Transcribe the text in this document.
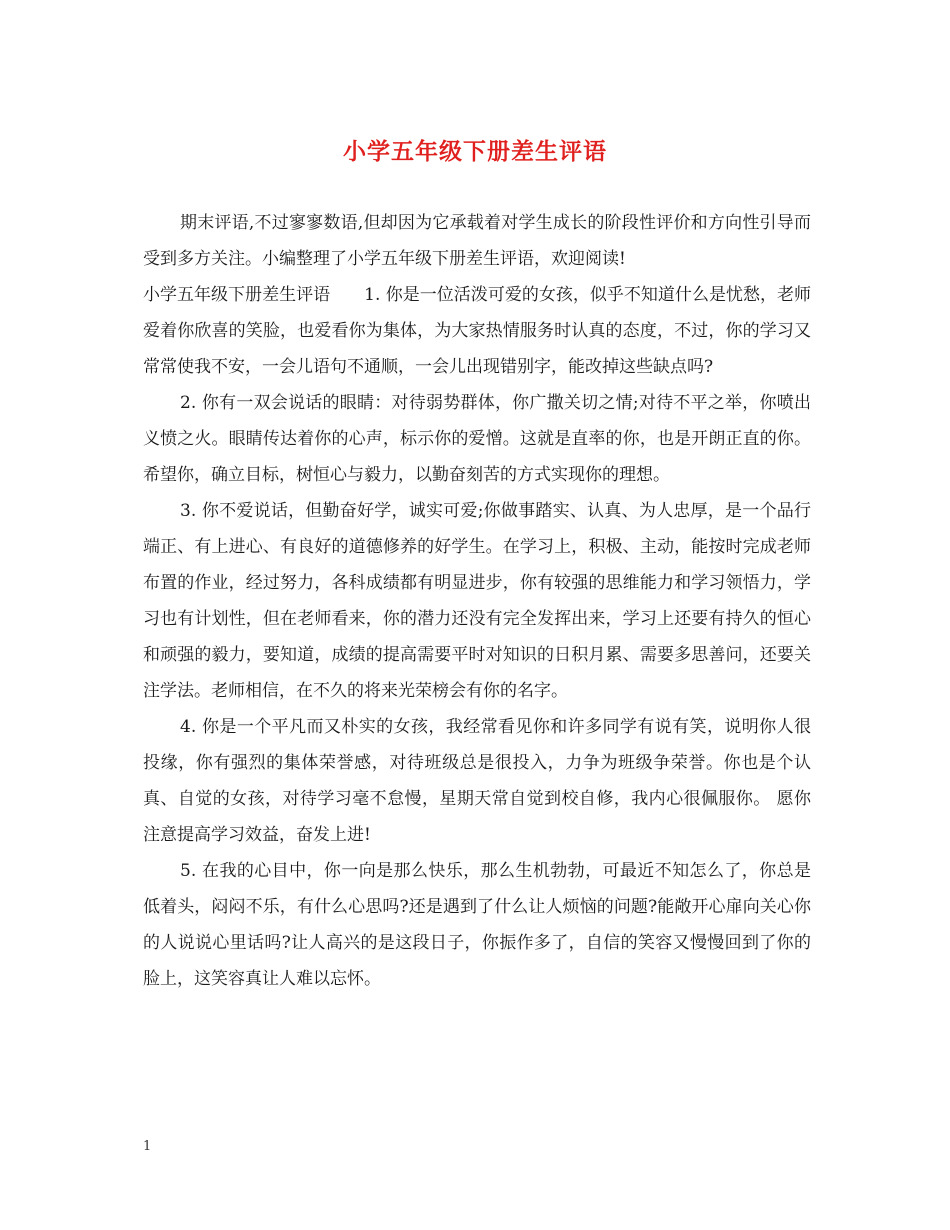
小学五年级下册差生评语

期末评语,不过寥寥数语,但却因为它承载着对学生成长的阶段性评价和方向性引导而受到多方关注。小编整理了小学五年级下册差生评语，欢迎阅读!

小学五年级下册差生评语　　1. 你是一位活泼可爱的女孩，似乎不知道什么是忧愁，老师爱着你欣喜的笑脸，也爱看你为集体，为大家热情服务时认真的态度，不过，你的学习又常常使我不安，一会儿语句不通顺，一会儿出现错别字，能改掉这些缺点吗?

2. 你有一双会说话的眼睛：对待弱势群体，你广撒关切之情;对待不平之举，你喷出义愤之火。眼睛传达着你的心声，标示你的爱憎。这就是直率的你，也是开朗正直的你。希望你，确立目标，树恒心与毅力，以勤奋刻苦的方式实现你的理想。

3. 你不爱说话，但勤奋好学，诚实可爱;你做事踏实、认真、为人忠厚，是一个品行端正、有上进心、有良好的道德修养的好学生。在学习上，积极、主动，能按时完成老师布置的作业，经过努力，各科成绩都有明显进步，你有较强的思维能力和学习领悟力，学习也有计划性，但在老师看来，你的潜力还没有完全发挥出来，学习上还要有持久的恒心和顽强的毅力，要知道，成绩的提高需要平时对知识的日积月累、需要多思善问，还要关注学法。老师相信，在不久的将来光荣榜会有你的名字。

4. 你是一个平凡而又朴实的女孩，我经常看见你和许多同学有说有笑，说明你人很投缘，你有强烈的集体荣誉感，对待班级总是很投入，力争为班级争荣誉。你也是个认真、自觉的女孩，对待学习毫不怠慢，星期天常自觉到校自修，我内心很佩服你。 愿你注意提高学习效益，奋发上进!

5. 在我的心目中，你一向是那么快乐，那么生机勃勃，可最近不知怎么了，你总是低着头，闷闷不乐，有什么心思吗?还是遇到了什么让人烦恼的问题?能敞开心扉向关心你的人说说心里话吗?让人高兴的是这段日子，你振作多了，自信的笑容又慢慢回到了你的脸上，这笑容真让人难以忘怀。

1
